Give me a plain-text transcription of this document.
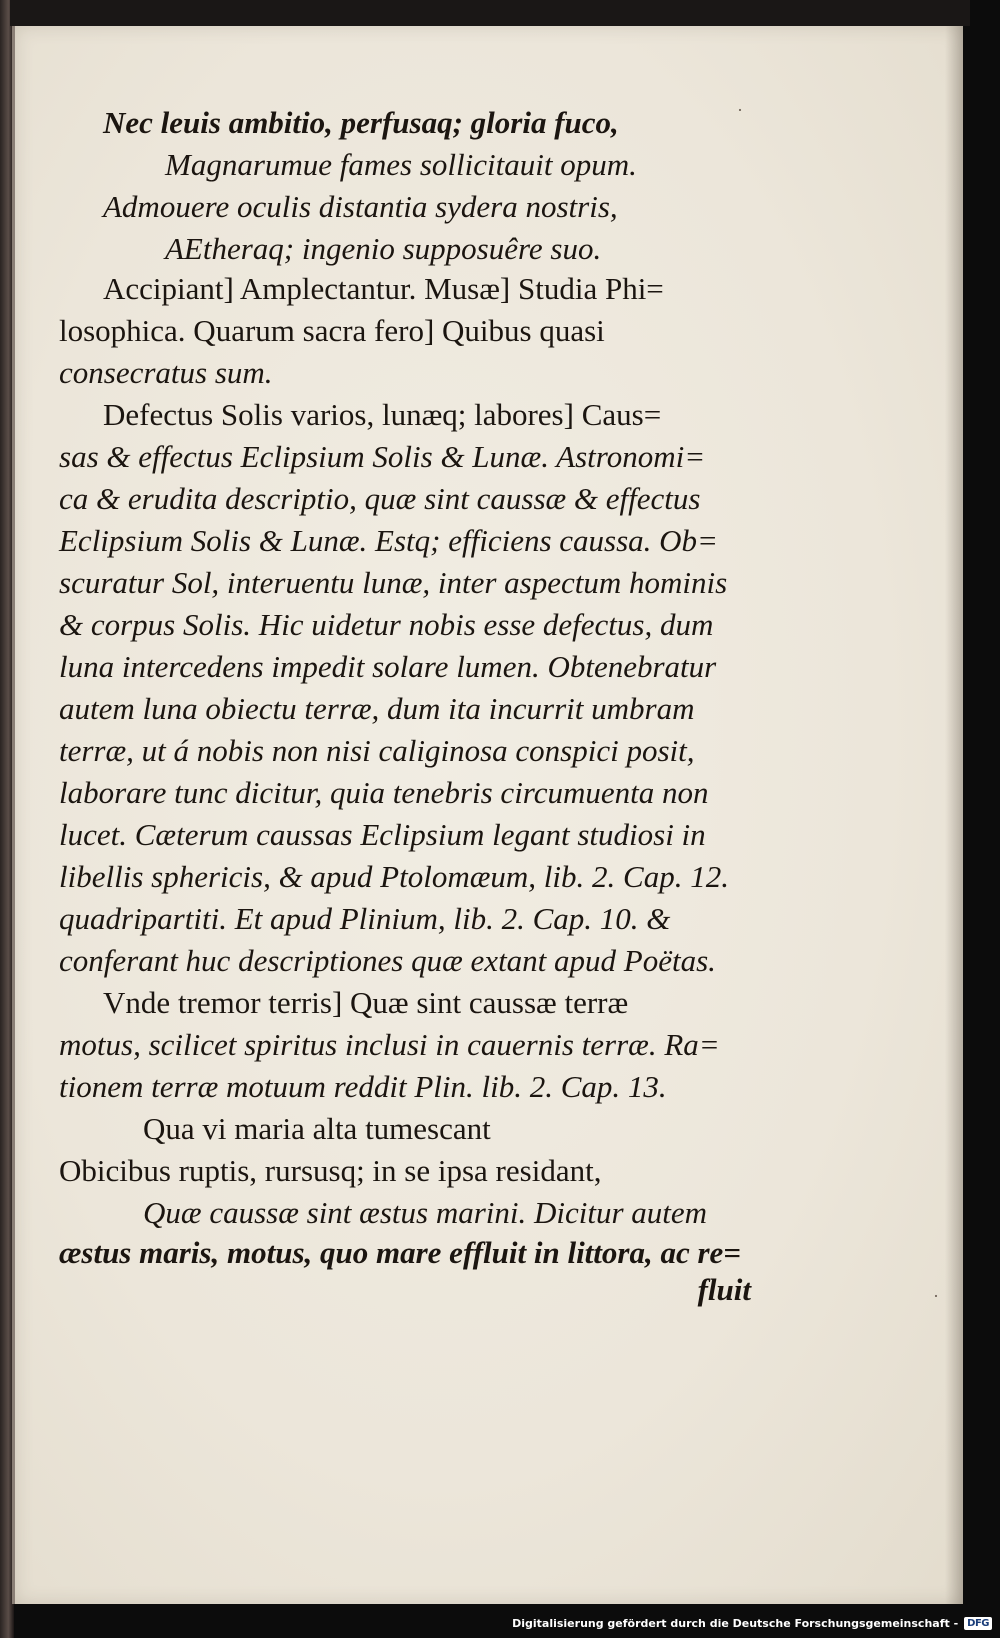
Nec leuis ambitio, perfusaq; gloria fuco,
Magnarumue fames sollicitauit opum.
Admouere oculis distantia sydera nostris,
AEtheraq; ingenio supposuêre suo.
Accipiant] Amplectantur. Musæ] Studia Phi=
losophica. Quarum sacra fero] Quibus quasi
consecratus sum.
Defectus Solis varios, lunæq; labores] Caus=
sas & effectus Eclipsium Solis & Lunæ. Astronomi=
ca & erudita descriptio, quæ sint caussæ & effectus
Eclipsium Solis & Lunæ. Estq; efficiens caussa. Ob=
scuratur Sol, interuentu lunæ, inter aspectum hominis
& corpus Solis. Hic uidetur nobis esse defectus, dum
luna intercedens impedit solare lumen. Obtenebratur
autem luna obiectu terræ, dum ita incurrit umbram
terræ, ut á nobis non nisi caliginosa conspici posit,
laborare tunc dicitur, quia tenebris circumuenta non
lucet. Cæterum caussas Eclipsium legant studiosi in
libellis sphericis, & apud Ptolomæum, lib. 2. Cap. 12.
quadripartiti. Et apud Plinium, lib. 2. Cap. 10. &
conferant huc descriptiones quæ extant apud Poëtas.
Vnde tremor terris] Quæ sint caussæ terræ
motus, scilicet spiritus inclusi in cauernis terræ. Ra=
tionem terræ motuum reddit Plin. lib. 2. Cap. 13.
Qua vi maria alta tumescant
Obicibus ruptis, rursusq; in se ipsa residant,
Quæ caussæ sint æstus marini. Dicitur autem
æstus maris, motus, quo mare effluit in littora, ac re=
fluit
·
·
Digitalisierung gefördert durch die Deutsche Forschungsgemeinschaft - DFG
